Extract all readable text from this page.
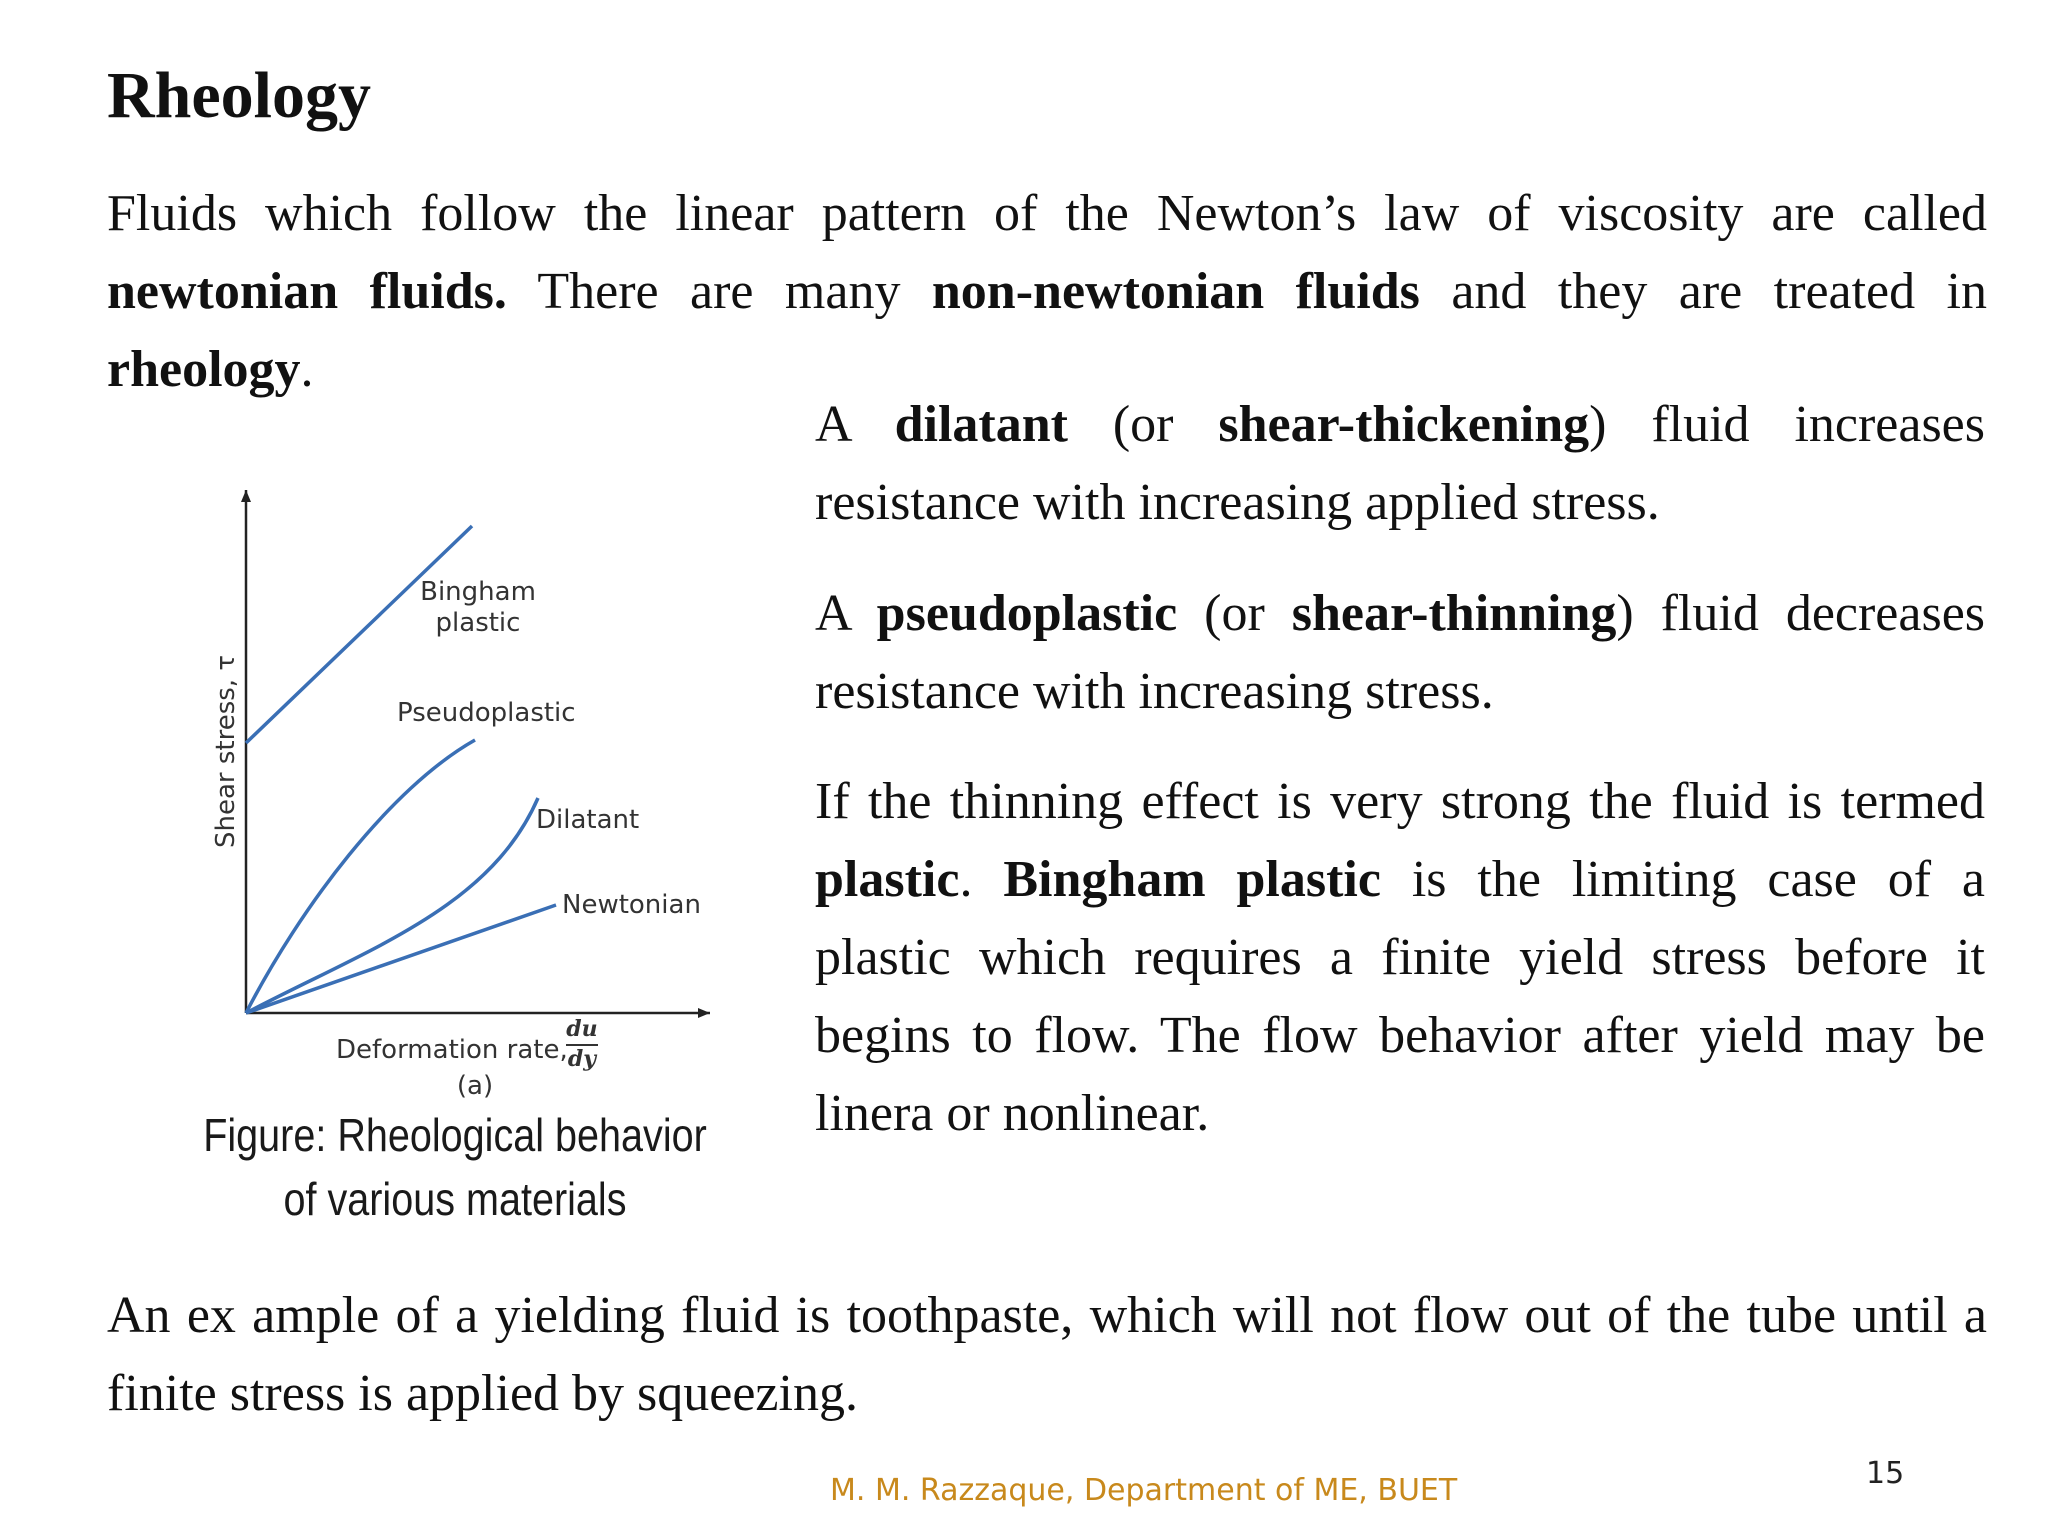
Rheology

Fluids which follow the linear pattern of the Newton’s law of viscosity are called newtonian fluids. There are many non-newtonian fluids and they are treated in rheology.

A dilatant (or shear-thickening) fluid increases resistance with increasing applied stress.

A pseudoplastic (or shear-thinning) fluid decreases resistance with increasing stress.

If the thinning effect is very strong the fluid is termed plastic. Bingham plastic is the limiting case of a plastic which requires a finite yield stress before it begins to flow. The flow behavior after yield may be linera or nonlinear.

Bingham
plastic
Pseudoplastic
Dilatant
Newtonian
Shear stress, τ
Deformation rate,
(a)
du
dy

Figure: Rheological behavior
of various materials

An ex ample of a yielding fluid is toothpaste, which will not flow out of the tube until a finite stress is applied by squeezing.

M. M. Razzaque, Department of ME, BUET	15
